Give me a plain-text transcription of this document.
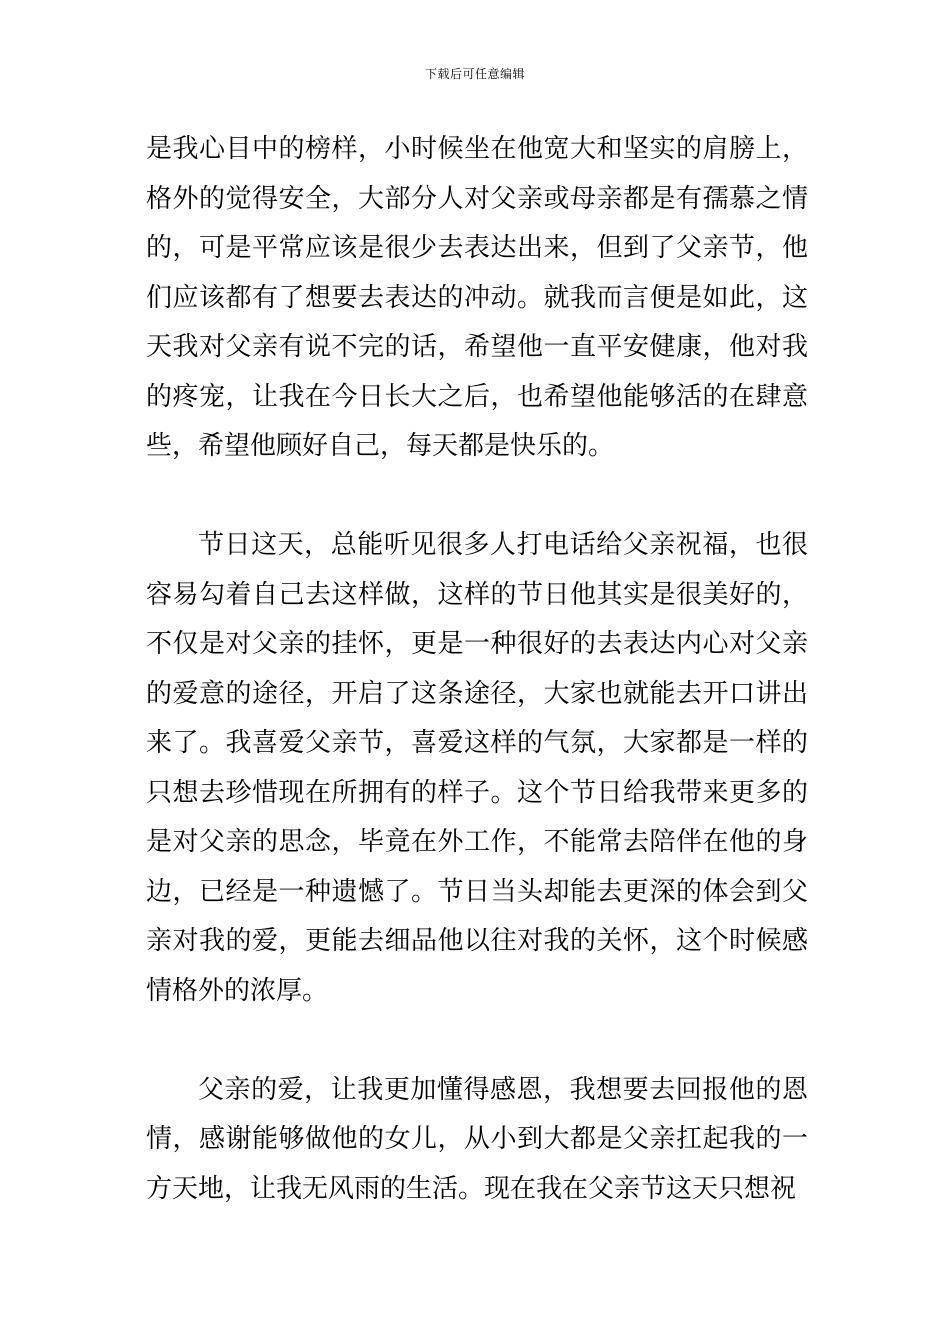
下载后可任意编辑

是我心目中的榜样，小时候坐在他宽大和坚实的肩膀上，格外的觉得安全，大部分人对父亲或母亲都是有孺慕之情的，可是平常应该是很少去表达出来，但到了父亲节，他们应该都有了想要去表达的冲动。就我而言便是如此，这天我对父亲有说不完的话，希望他一直平安健康，他对我的疼宠，让我在今日长大之后，也希望他能够活的在肆意些，希望他顾好自己，每天都是快乐的。

节日这天，总能听见很多人打电话给父亲祝福，也很容易勾着自己去这样做，这样的节日他其实是很美好的，不仅是对父亲的挂怀，更是一种很好的去表达内心对父亲的爱意的途径，开启了这条途径，大家也就能去开口讲出来了。我喜爱父亲节，喜爱这样的气氛，大家都是一样的只想去珍惜现在所拥有的样子。这个节日给我带来更多的是对父亲的思念，毕竟在外工作，不能常去陪伴在他的身边，已经是一种遗憾了。节日当头却能去更深的体会到父亲对我的爱，更能去细品他以往对我的关怀，这个时候感情格外的浓厚。

父亲的爱，让我更加懂得感恩，我想要去回报他的恩情，感谢能够做他的女儿，从小到大都是父亲扛起我的一方天地，让我无风雨的生活。现在我在父亲节这天只想祝
